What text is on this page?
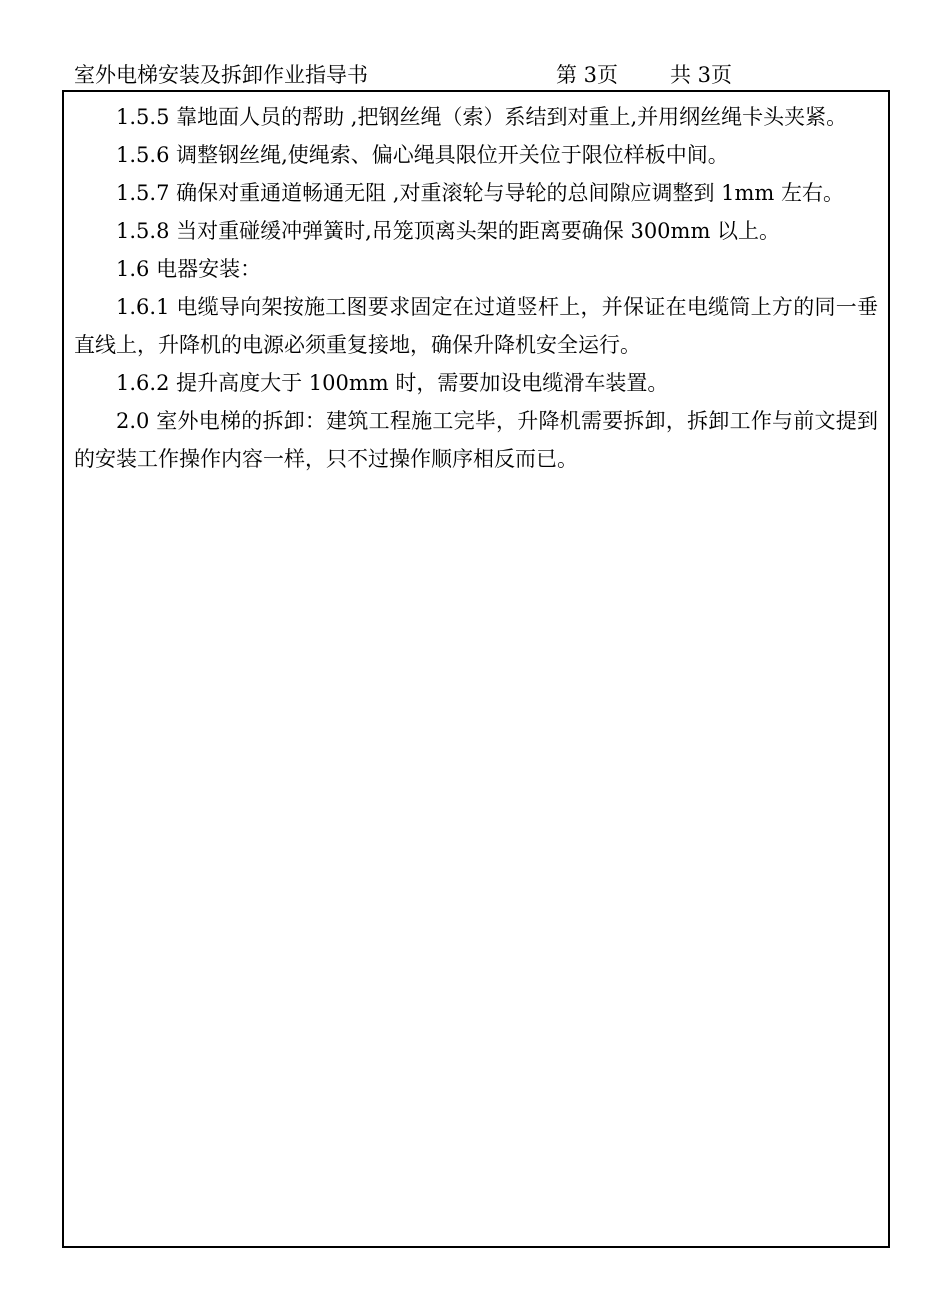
室外电梯安装及拆卸作业指导书	第 3页 共 3页

1.5.5 靠地面人员的帮助 ,把钢丝绳（索）系结到对重上,并用纲丝绳卡头夹紧。

1.5.6 调整钢丝绳,使绳索、偏心绳具限位开关位于限位样板中间。

1.5.7 确保对重通道畅通无阻 ,对重滚轮与导轮的总间隙应调整到 1mm 左右。

1.5.8 当对重碰缓冲弹簧时,吊笼顶离头架的距离要确保 300mm 以上。

1.6 电器安装：

1.6.1 电缆导向架按施工图要求固定在过道竖杆上，并保证在电缆筒上方的同一垂直线上，升降机的电源必须重复接地，确保升降机安全运行。

1.6.2 提升高度大于 100mm 时，需要加设电缆滑车装置。

2.0 室外电梯的拆卸：建筑工程施工完毕，升降机需要拆卸，拆卸工作与前文提到的安装工作操作内容一样，只不过操作顺序相反而已。
